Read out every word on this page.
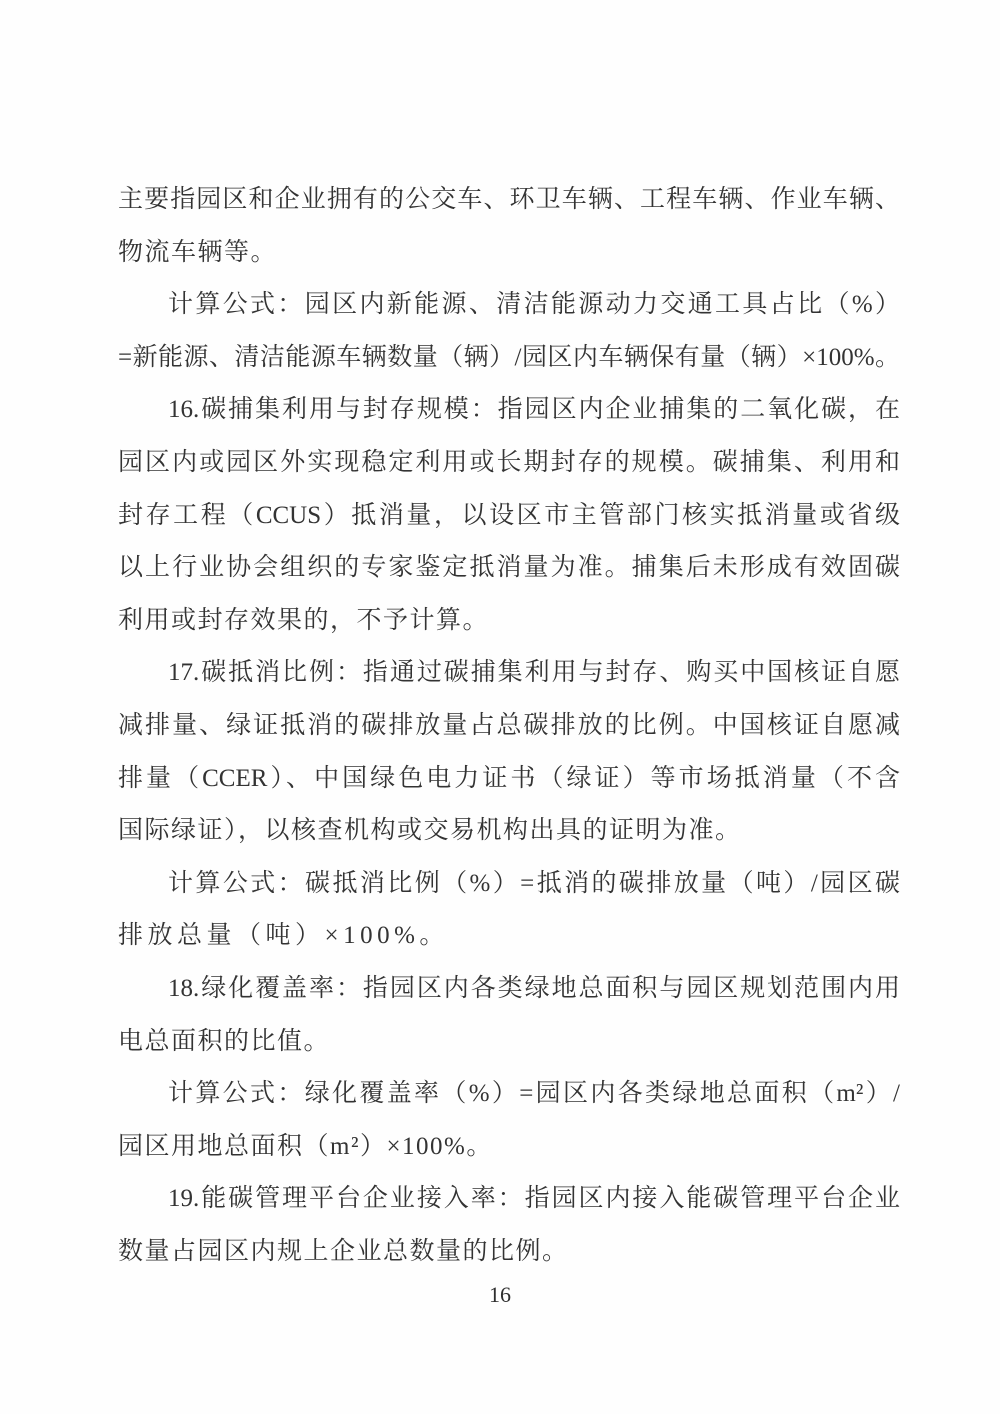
主要指园区和企业拥有的公交车、环卫车辆、工程车辆、作业车辆、

物流车辆等。

计算公式：园区内新能源、清洁能源动力交通工具占比（%）

=新能源、清洁能源车辆数量（辆）/园区内车辆保有量（辆）×100%。

16.碳捕集利用与封存规模：指园区内企业捕集的二氧化碳，在

园区内或园区外实现稳定利用或长期封存的规模。碳捕集、利用和

封存工程（CCUS）抵消量，以设区市主管部门核实抵消量或省级

以上行业协会组织的专家鉴定抵消量为准。捕集后未形成有效固碳

利用或封存效果的，不予计算。

17.碳抵消比例：指通过碳捕集利用与封存、购买中国核证自愿

减排量、绿证抵消的碳排放量占总碳排放的比例。中国核证自愿减

排量（CCER）、中国绿色电力证书（绿证）等市场抵消量（不含

国际绿证），以核查机构或交易机构出具的证明为准。

计算公式：碳抵消比例（%）=抵消的碳排放量（吨）/园区碳

排放总量（吨）×100%。

18.绿化覆盖率：指园区内各类绿地总面积与园区规划范围内用

电总面积的比值。

计算公式：绿化覆盖率（%）=园区内各类绿地总面积（m²）/

园区用地总面积（m²）×100%。

19.能碳管理平台企业接入率：指园区内接入能碳管理平台企业

数量占园区内规上企业总数量的比例。

16
